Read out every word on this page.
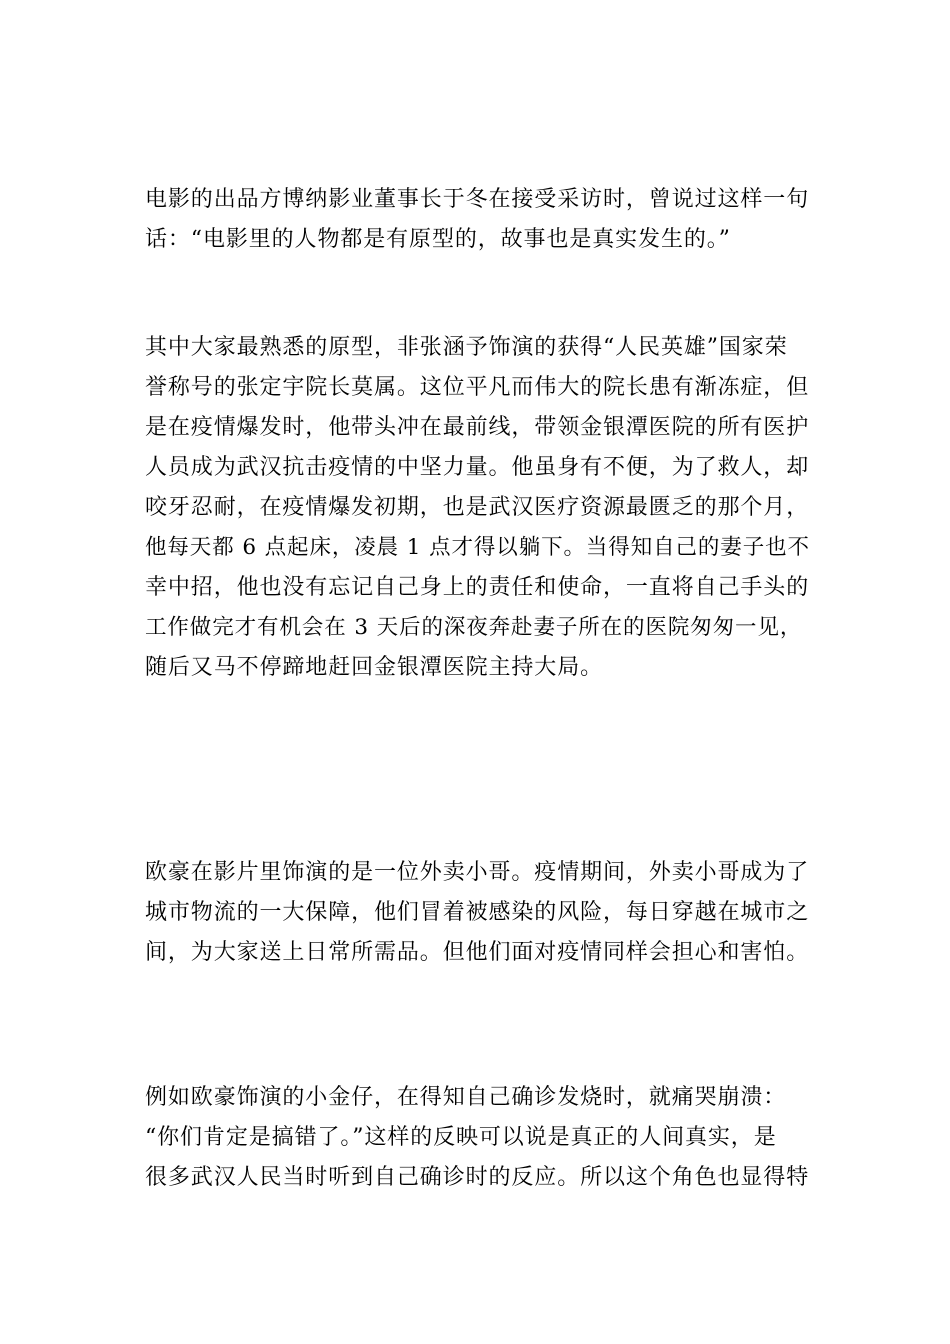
电影的出品方博纳影业董事长于冬在接受采访时，曾说过这样一句
话：“电影里的人物都是有原型的，故事也是真实发生的。”

其中大家最熟悉的原型，非张涵予饰演的获得“人民英雄”国家荣
誉称号的张定宇院长莫属。这位平凡而伟大的院长患有渐冻症，但
是在疫情爆发时，他带头冲在最前线，带领金银潭医院的所有医护
人员成为武汉抗击疫情的中坚力量。他虽身有不便，为了救人，却
咬牙忍耐，在疫情爆发初期，也是武汉医疗资源最匮乏的那个月，
他每天都 6 点起床，凌晨 1 点才得以躺下。当得知自己的妻子也不
幸中招，他也没有忘记自己身上的责任和使命，一直将自己手头的
工作做完才有机会在 3 天后的深夜奔赴妻子所在的医院匆匆一见，
随后又马不停蹄地赶回金银潭医院主持大局。

欧豪在影片里饰演的是一位外卖小哥。疫情期间，外卖小哥成为了
城市物流的一大保障，他们冒着被感染的风险，每日穿越在城市之
间，为大家送上日常所需品。但他们面对疫情同样会担心和害怕。

例如欧豪饰演的小金仔，在得知自己确诊发烧时，就痛哭崩溃：
“你们肯定是搞错了。”这样的反映可以说是真正的人间真实，是
很多武汉人民当时听到自己确诊时的反应。所以这个角色也显得特
